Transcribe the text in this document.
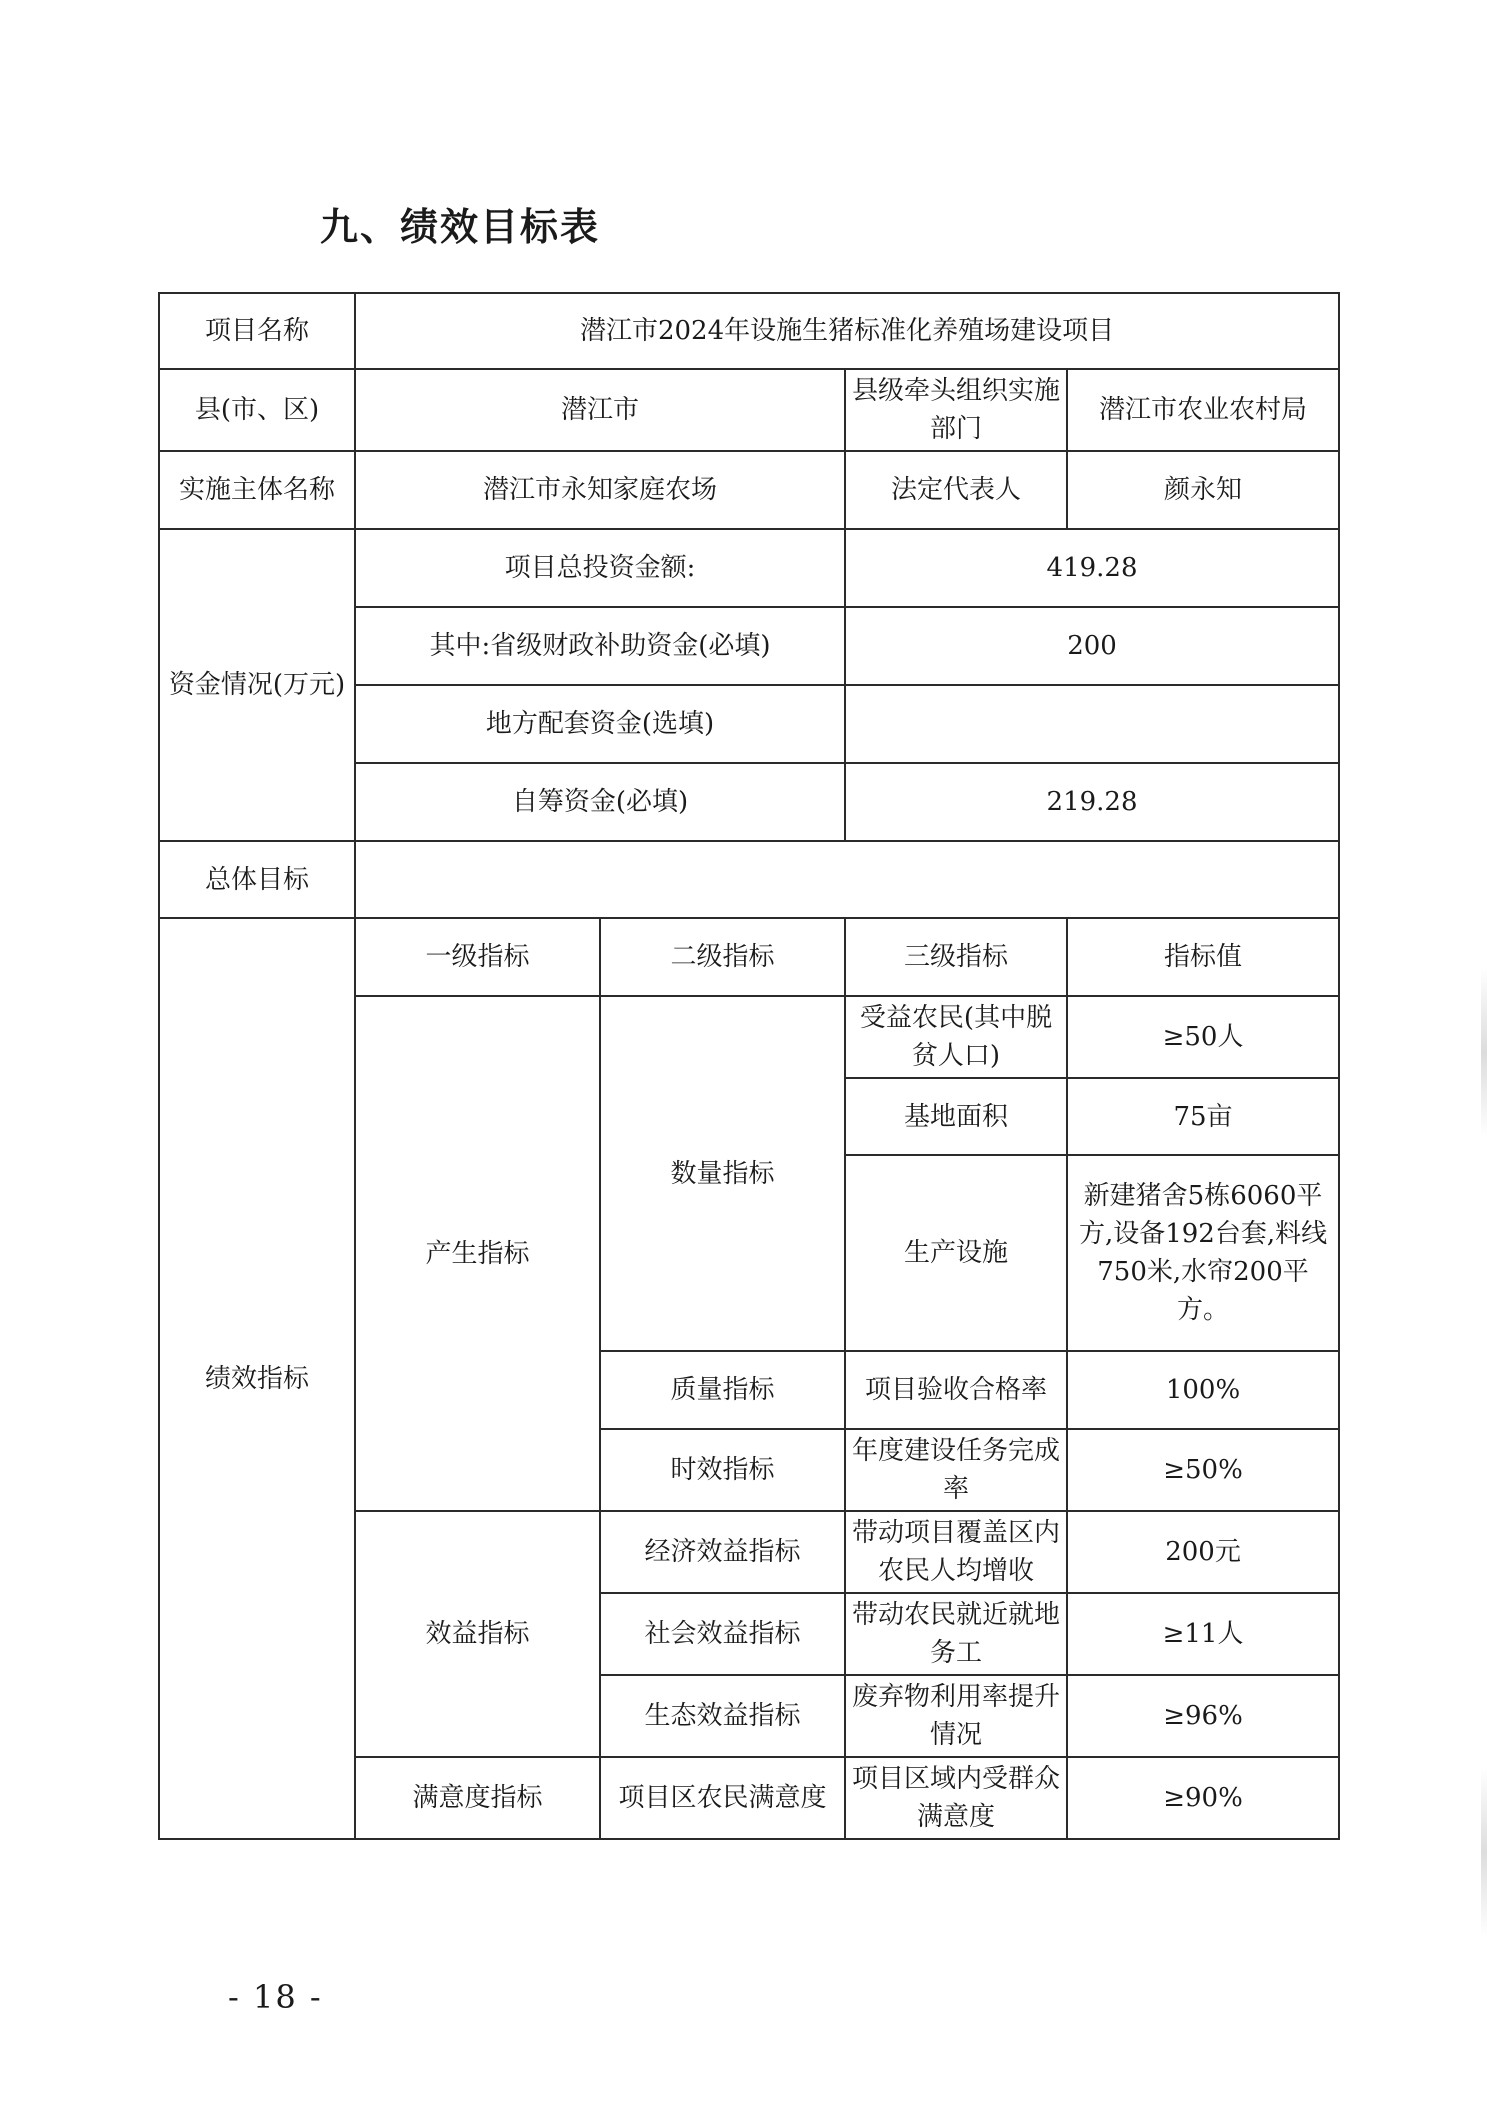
九、绩效目标表
项目名称	潜江市2024年设施生猪标准化养殖场建设项目			
县(市、区)	潜江市		县级牵头组织实施部门	潜江市农业农村局
实施主体名称	潜江市永知家庭农场		法定代表人	颜永知
资金情况(万元)	项目总投资金额:		419.28	
	其中:省级财政补助资金(必填)		200	
	地方配套资金(选填)			
	自筹资金(必填)		219.28	
总体目标				
绩效指标	一级指标	二级指标	三级指标	指标值
	产生指标	数量指标	受益农民(其中脱贫人口)	≥50人
			基地面积	75亩
			生产设施	新建猪舍5栋6060平方,设备192台套,料线750米,水帘200平方。
		质量指标	项目验收合格率	100%
		时效指标	年度建设任务完成率	≥50%
	效益指标	经济效益指标	带动项目覆盖区内农民人均增收	200元
		社会效益指标	带动农民就近就地务工	≥11人
		生态效益指标	废弃物利用率提升情况	≥96%
	满意度指标	项目区农民满意度	项目区域内受群众满意度	≥90%
- 18 -
